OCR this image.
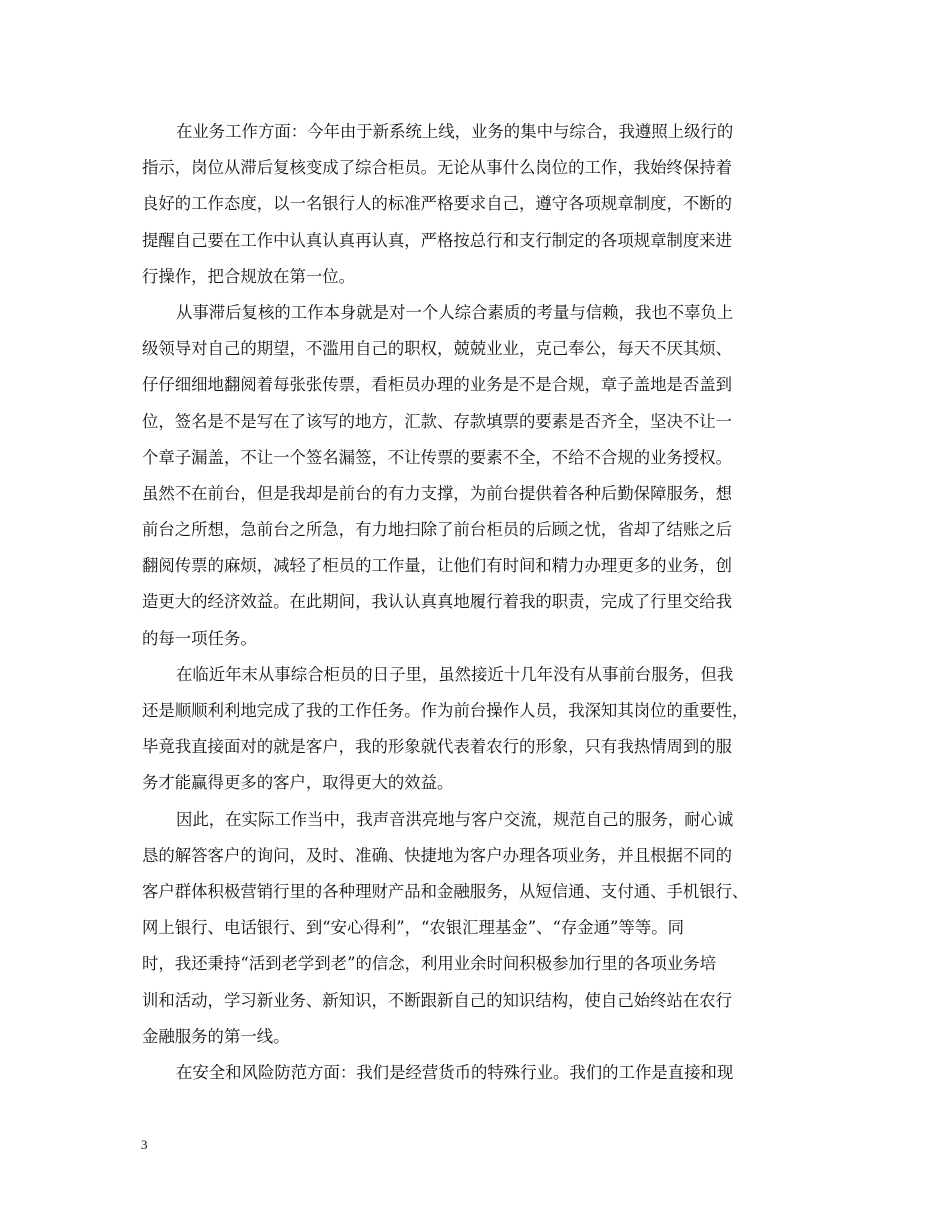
在业务工作方面：今年由于新系统上线，业务的集中与综合，我遵照上级行的
指示，岗位从滞后复核变成了综合柜员。无论从事什么岗位的工作，我始终保持着
良好的工作态度，以一名银行人的标准严格要求自己，遵守各项规章制度，不断的
提醒自己要在工作中认真认真再认真，严格按总行和支行制定的各项规章制度来进
行操作，把合规放在第一位。
从事滞后复核的工作本身就是对一个人综合素质的考量与信赖，我也不辜负上
级领导对自己的期望，不滥用自己的职权，兢兢业业，克己奉公，每天不厌其烦、
仔仔细细地翻阅着每张张传票，看柜员办理的业务是不是合规，章子盖地是否盖到
位，签名是不是写在了该写的地方，汇款、存款填票的要素是否齐全，坚决不让一
个章子漏盖，不让一个签名漏签，不让传票的要素不全，不给不合规的业务授权。
虽然不在前台，但是我却是前台的有力支撑，为前台提供着各种后勤保障服务，想
前台之所想，急前台之所急，有力地扫除了前台柜员的后顾之忧，省却了结账之后
翻阅传票的麻烦，减轻了柜员的工作量，让他们有时间和精力办理更多的业务，创
造更大的经济效益。在此期间，我认认真真地履行着我的职责，完成了行里交给我
的每一项任务。
在临近年末从事综合柜员的日子里，虽然接近十几年没有从事前台服务，但我
还是顺顺利利地完成了我的工作任务。作为前台操作人员，我深知其岗位的重要性，
毕竟我直接面对的就是客户，我的形象就代表着农行的形象，只有我热情周到的服
务才能赢得更多的客户，取得更大的效益。
因此，在实际工作当中，我声音洪亮地与客户交流，规范自己的服务，耐心诚
恳的解答客户的询问，及时、准确、快捷地为客户办理各项业务，并且根据不同的
客户群体积极营销行里的各种理财产品和金融服务，从短信通、支付通、手机银行、
网上银行、电话银行、到“安心得利”，“农银汇理基金”、“存金通”等等。同
时，我还秉持“活到老学到老”的信念，利用业余时间积极参加行里的各项业务培
训和活动，学习新业务、新知识，不断跟新自己的知识结构，使自己始终站在农行
金融服务的第一线。
在安全和风险防范方面：我们是经营货币的特殊行业。我们的工作是直接和现
3
